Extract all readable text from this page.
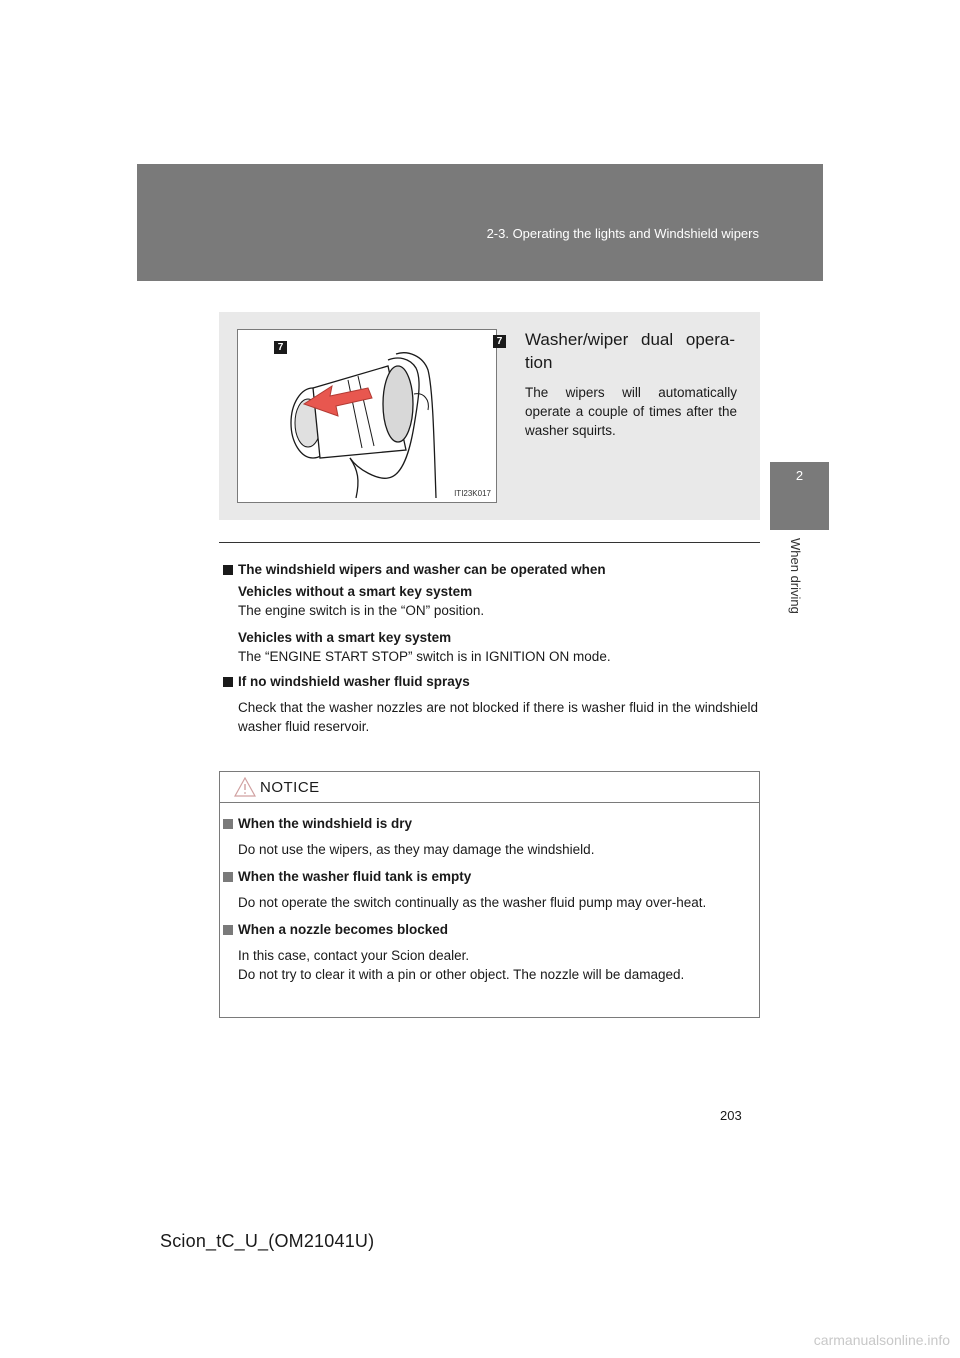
2-3. Operating the lights and Windshield wipers
2
When driving
ITI23K017
7
7 Washer/wiper dual opera-
tion
The wipers will automatically operate a couple of times after the washer squirts.
The windshield wipers and washer can be operated when
Vehicles without a smart key system
The engine switch is in the “ON” position.
Vehicles with a smart key system
The “ENGINE START STOP” switch is in IGNITION ON mode.
If no windshield washer fluid sprays
Check that the washer nozzles are not blocked if there is washer fluid in the windshield washer fluid reservoir.
NOTICE
When the windshield is dry
Do not use the wipers, as they may damage the windshield.
When the washer fluid tank is empty
Do not operate the switch continually as the washer fluid pump may over-heat.
When a nozzle becomes blocked
In this case, contact your Scion dealer.
Do not try to clear it with a pin or other object. The nozzle will be damaged.
203
Scion_tC_U_(OM21041U)
carmanualsonline.info
